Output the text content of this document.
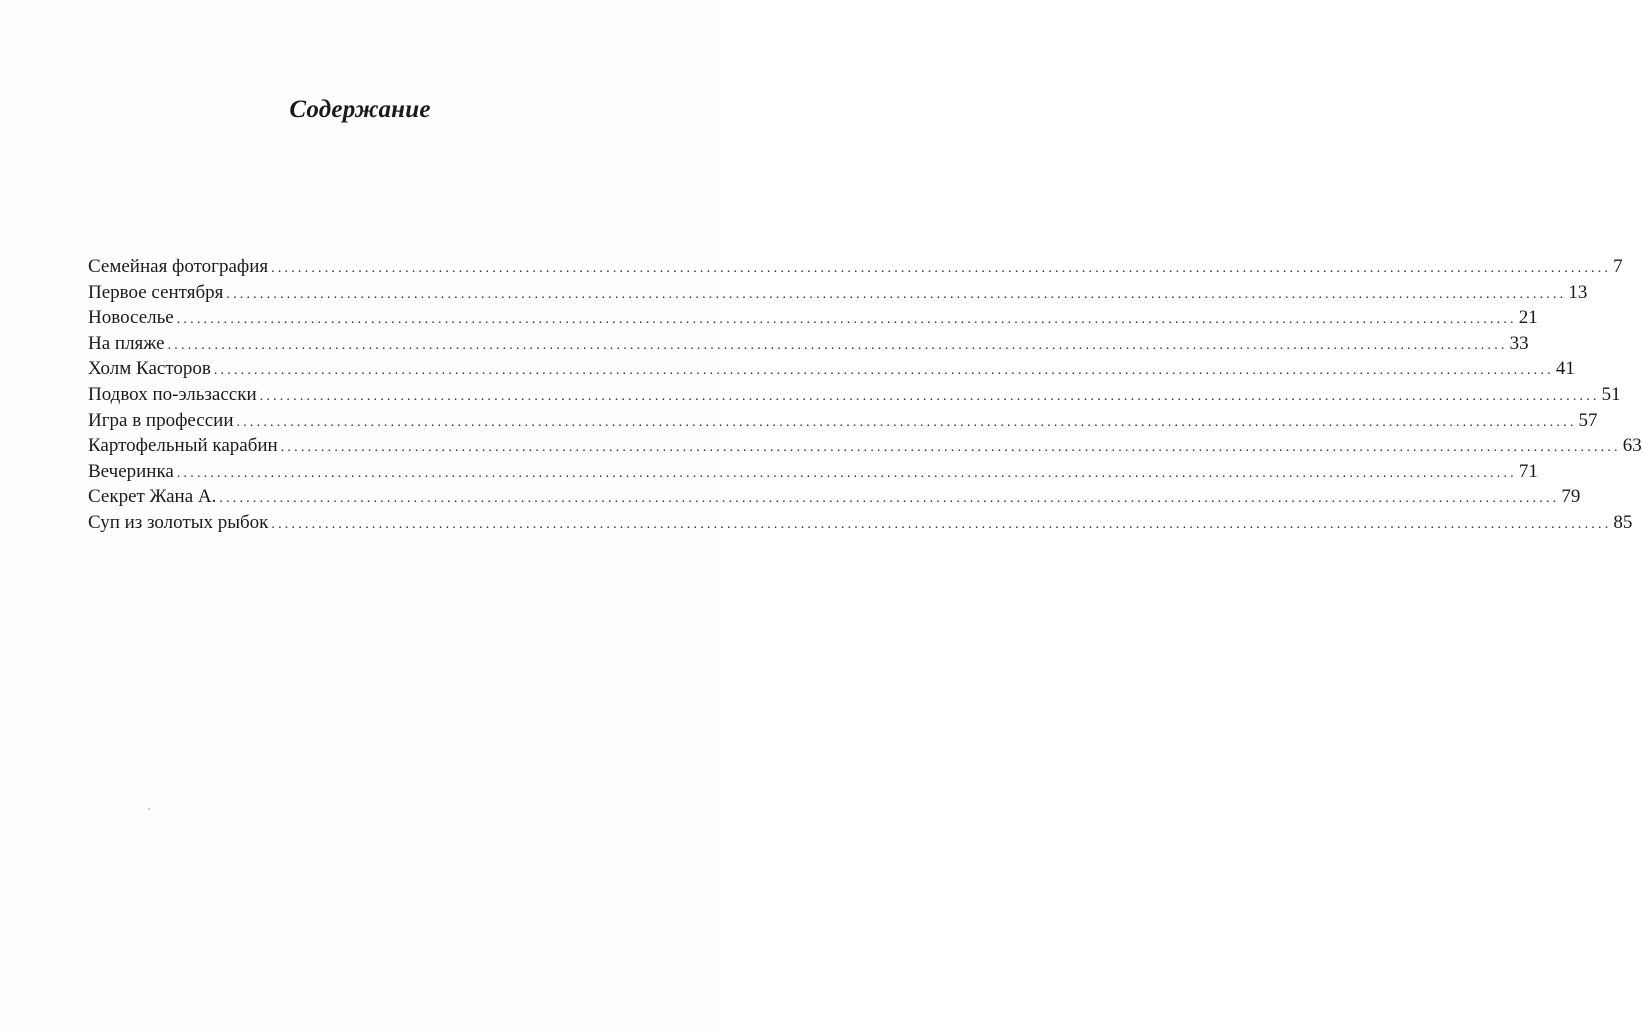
Содержание
Семейная фотография ........................................................................................................................................................................................................ 7
Первое сентября ........................................................................................................................................................................................................ 13
Новоселье ........................................................................................................................................................................................................ 21
На пляже ........................................................................................................................................................................................................ 33
Холм Касторов ........................................................................................................................................................................................................ 41
Подвох по-эльзасски ........................................................................................................................................................................................................ 51
Игра в профессии ........................................................................................................................................................................................................ 57
Картофельный карабин ........................................................................................................................................................................................................ 63
Вечеринка ........................................................................................................................................................................................................ 71
Секрет Жана А. ........................................................................................................................................................................................................ 79
Суп из золотых рыбок ........................................................................................................................................................................................................ 85
